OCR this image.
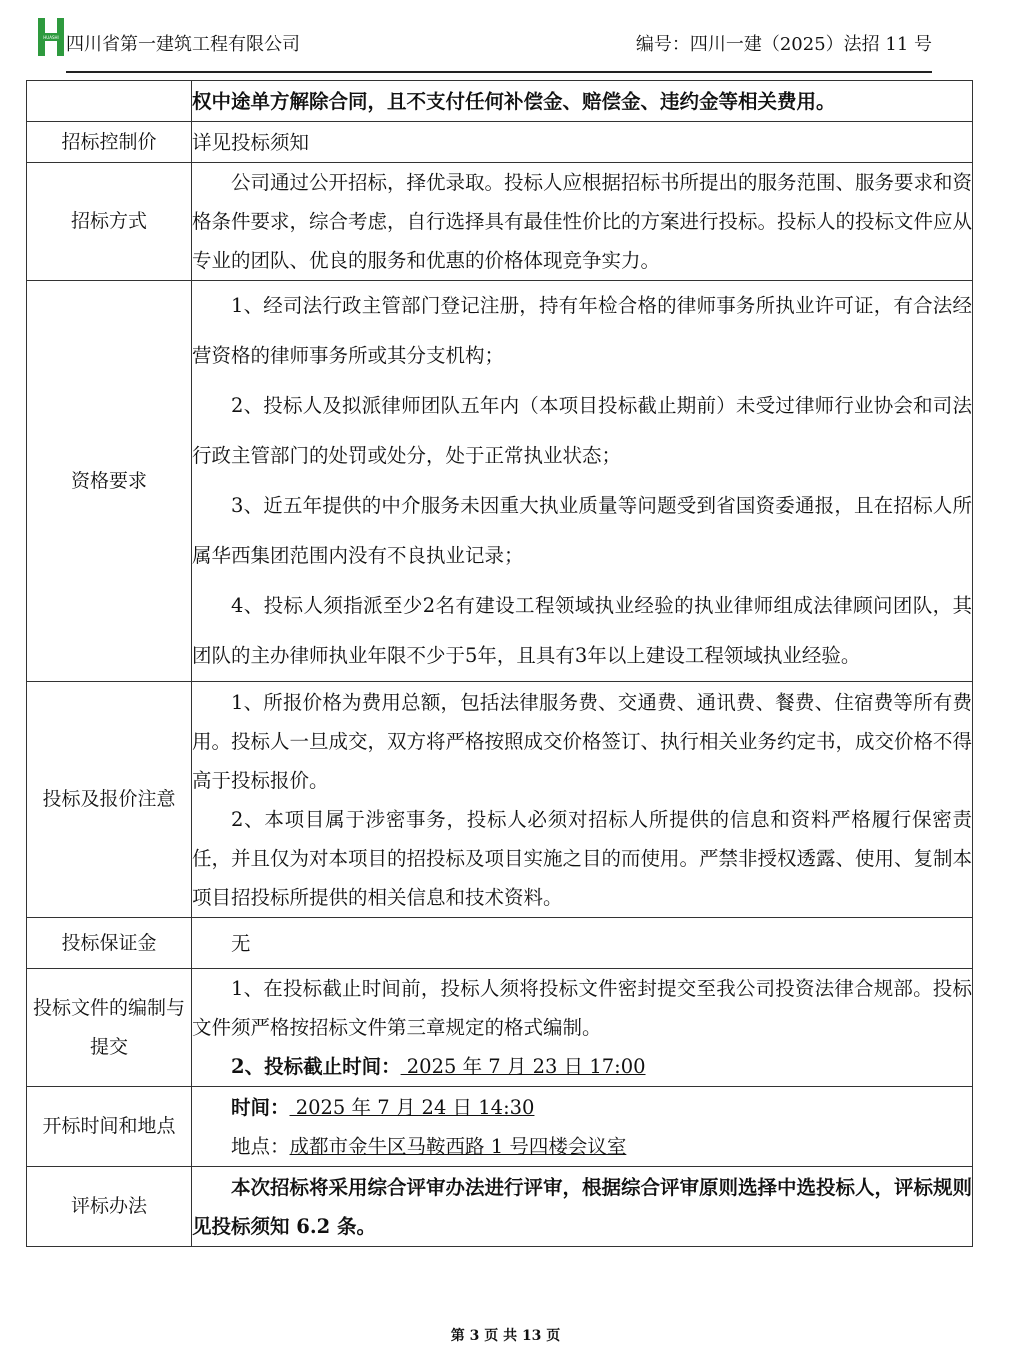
HUASHI 四川省第一建筑工程有限公司	编号：四川一建（2025）法招 11 号

	权中途单方解除合同，且不支付任何补偿金、赔偿金、违约金等相关费用。

招标控制价	详见投标须知

招标方式	公司通过公开招标，择优录取。投标人应根据招标书所提出的服务范围、服务要求和资格条件要求，综合考虑，自行选择具有最佳性价比的方案进行投标。投标人的投标文件应从专业的团队、优良的服务和优惠的价格体现竞争实力。

资格要求	1、经司法行政主管部门登记注册，持有年检合格的律师事务所执业许可证，有合法经营资格的律师事务所或其分支机构；

2、投标人及拟派律师团队五年内（本项目投标截止期前）未受过律师行业协会和司法行政主管部门的处罚或处分，处于正常执业状态；

3、近五年提供的中介服务未因重大执业质量等问题受到省国资委通报，且在招标人所属华西集团范围内没有不良执业记录；

4、投标人须指派至少2名有建设工程领域执业经验的执业律师组成法律顾问团队，其团队的主办律师执业年限不少于5年，且具有3年以上建设工程领域执业经验。

投标及报价注意	1、所报价格为费用总额，包括法律服务费、交通费、通讯费、餐费、住宿费等所有费用。投标人一旦成交，双方将严格按照成交价格签订、执行相关业务约定书，成交价格不得高于投标报价。

2、本项目属于涉密事务，投标人必须对招标人所提供的信息和资料严格履行保密责任，并且仅为对本项目的招投标及项目实施之目的而使用。严禁非授权透露、使用、复制本项目招投标所提供的相关信息和技术资料。

投标保证金	无

投标文件的编制与提交	1、在投标截止时间前，投标人须将投标文件密封提交至我公司投资法律合规部。投标文件须严格按招标文件第三章规定的格式编制。

2、投标截止时间： 2025 年 7 月 23 日 17:00

开标时间和地点	时间： 2025 年 7 月 24 日 14:30

地点：成都市金牛区马鞍西路 1 号四楼会议室

评标办法	本次招标将采用综合评审办法进行评审，根据综合评审原则选择中选投标人，评标规则见投标须知 6.2 条。

第 3 页 共 13 页
